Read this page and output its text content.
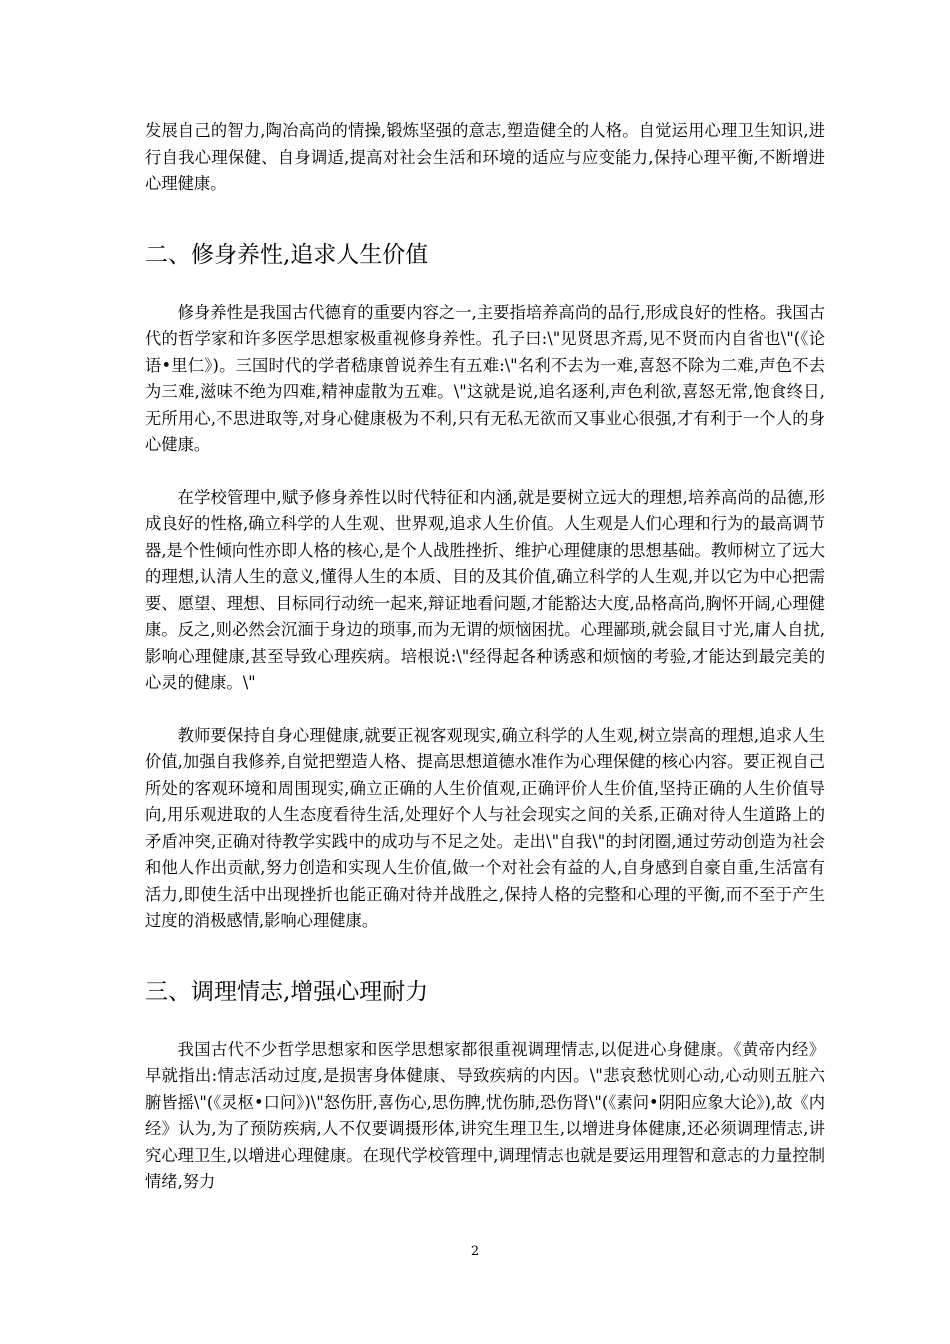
发展自己的智力,陶冶高尚的情操,锻炼坚强的意志,塑造健全的人格。自觉运用心理卫生知识,进行自我心理保健、自身调适,提高对社会生活和环境的适应与应变能力,保持心理平衡,不断增进心理健康。

二、修身养性,追求人生价值

修身养性是我国古代德育的重要内容之一,主要指培养高尚的品行,形成良好的性格。我国古代的哲学家和许多医学思想家极重视修身养性。孔子曰:\"见贤思齐焉,见不贤而内自省也\"(《论语•里仁》)。三国时代的学者嵇康曾说养生有五难:\"名利不去为一难,喜怒不除为二难,声色不去为三难,滋味不绝为四难,精神虚散为五难。\"这就是说,追名逐利,声色利欲,喜怒无常,饱食终日,无所用心,不思进取等,对身心健康极为不利,只有无私无欲而又事业心很强,才有利于一个人的身心健康。

在学校管理中,赋予修身养性以时代特征和内涵,就是要树立远大的理想,培养高尚的品德,形成良好的性格,确立科学的人生观、世界观,追求人生价值。人生观是人们心理和行为的最高调节器,是个性倾向性亦即人格的核心,是个人战胜挫折、维护心理健康的思想基础。教师树立了远大的理想,认清人生的意义,懂得人生的本质、目的及其价值,确立科学的人生观,并以它为中心把需要、愿望、理想、目标同行动统一起来,辩证地看问题,才能豁达大度,品格高尚,胸怀开阔,心理健康。反之,则必然会沉湎于身边的琐事,而为无谓的烦恼困扰。心理鄙琐,就会鼠目寸光,庸人自扰,影响心理健康,甚至导致心理疾病。培根说:\"经得起各种诱惑和烦恼的考验,才能达到最完美的心灵的健康。\"

教师要保持自身心理健康,就要正视客观现实,确立科学的人生观,树立崇高的理想,追求人生价值,加强自我修养,自觉把塑造人格、提高思想道德水准作为心理保健的核心内容。要正视自己所处的客观环境和周围现实,确立正确的人生价值观,正确评价人生价值,坚持正确的人生价值导向,用乐观进取的人生态度看待生活,处理好个人与社会现实之间的关系,正确对待人生道路上的矛盾冲突,正确对待教学实践中的成功与不足之处。走出\"自我\"的封闭圈,通过劳动创造为社会和他人作出贡献,努力创造和实现人生价值,做一个对社会有益的人,自身感到自豪自重,生活富有活力,即使生活中出现挫折也能正确对待并战胜之,保持人格的完整和心理的平衡,而不至于产生过度的消极感情,影响心理健康。

三、调理情志,增强心理耐力

我国古代不少哲学思想家和医学思想家都很重视调理情志,以促进心身健康。《黄帝内经》早就指出:情志活动过度,是损害身体健康、导致疾病的内因。\"悲哀愁忧则心动,心动则五脏六腑皆摇\"(《灵枢•口问》)\"怒伤肝,喜伤心,思伤脾,忧伤肺,恐伤肾\"(《素问•阴阳应象大论》),故《内经》认为,为了预防疾病,人不仅要调摄形体,讲究生理卫生,以增进身体健康,还必须调理情志,讲究心理卫生,以增进心理健康。在现代学校管理中,调理情志也就是要运用理智和意志的力量控制情绪,努力

2
